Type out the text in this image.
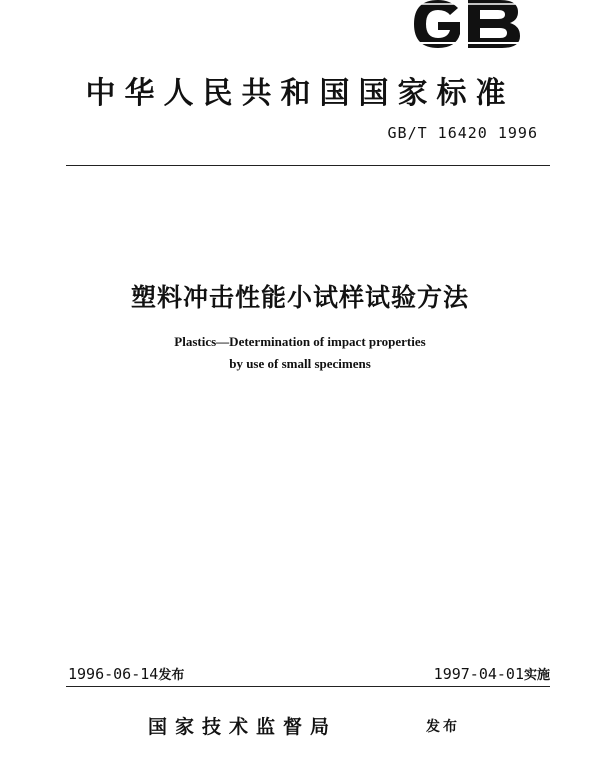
中华人民共和国国家标准
GB/T 16420 1996
塑料冲击性能小试样试验方法
Plastics—Determination of impact properties
by use of small specimens
1996-06-14发布	1997-04-01实施
国家技术监督局	发布
